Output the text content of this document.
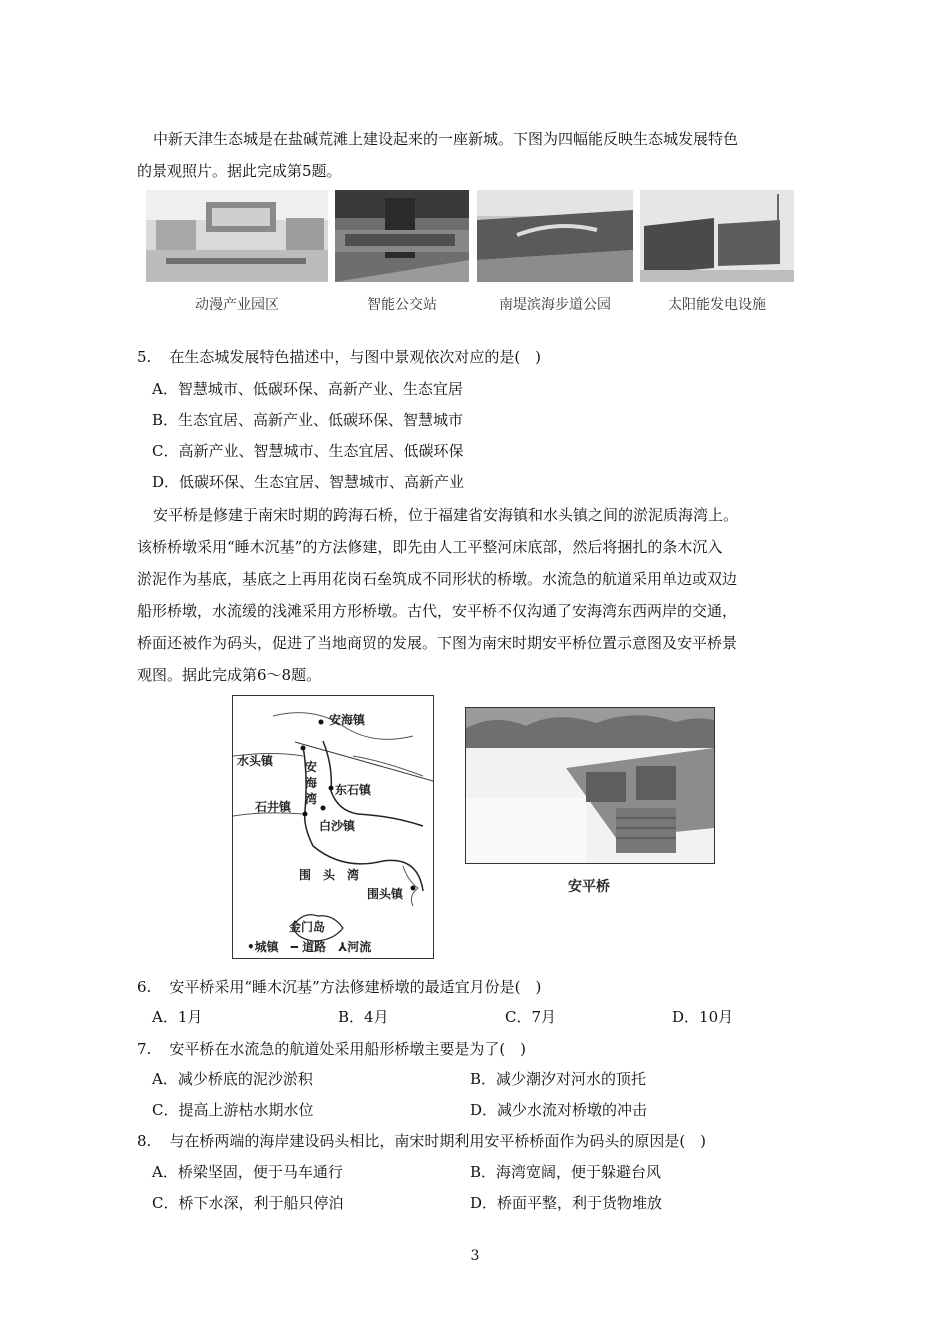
中新天津生态城是在盐碱荒滩上建设起来的一座新城。下图为四幅能反映生态城发展特色
的景观照片。据此完成第5题。
动漫产业园区	智能公交站	南堤滨海步道公园	太阳能发电设施
5. 在生态城发展特色描述中，与图中景观依次对应的是(　)
A．智慧城市、低碳环保、高新产业、生态宜居
B．生态宜居、高新产业、低碳环保、智慧城市
C．高新产业、智慧城市、生态宜居、低碳环保
D．低碳环保、生态宜居、智慧城市、高新产业
安平桥是修建于南宋时期的跨海石桥，位于福建省安海镇和水头镇之间的淤泥质海湾上。
该桥桥墩采用“睡木沉基”的方法修建，即先由人工平整河床底部，然后将捆扎的条木沉入
淤泥作为基底，基底之上再用花岗石垒筑成不同形状的桥墩。水流急的航道采用单边或双边
船形桥墩，水流缓的浅滩采用方形桥墩。古代，安平桥不仅沟通了安海湾东西两岸的交通，
桥面还被作为码头，促进了当地商贸的发展。下图为南宋时期安平桥位置示意图及安平桥景
观图。据此完成第6～8题。
安海镇
水头镇	安
海
湾
东石镇
石井镇
白沙镇
围　头　湾
围头镇
金门岛
•城镇　━ 道路　⅄河流
安平桥
6. 安平桥采用“睡木沉基”方法修建桥墩的最适宜月份是(　)
A．1月	B．4月	C．7月	D．10月
7. 安平桥在水流急的航道处采用船形桥墩主要是为了(　)
A．减少桥底的泥沙淤积	B．减少潮汐对河水的顶托
C．提高上游枯水期水位	D．减少水流对桥墩的冲击
8. 与在桥两端的海岸建设码头相比，南宋时期利用安平桥桥面作为码头的原因是(　)
A．桥梁坚固，便于马车通行	B．海湾宽阔，便于躲避台风
C．桥下水深，利于船只停泊	D．桥面平整，利于货物堆放
3
